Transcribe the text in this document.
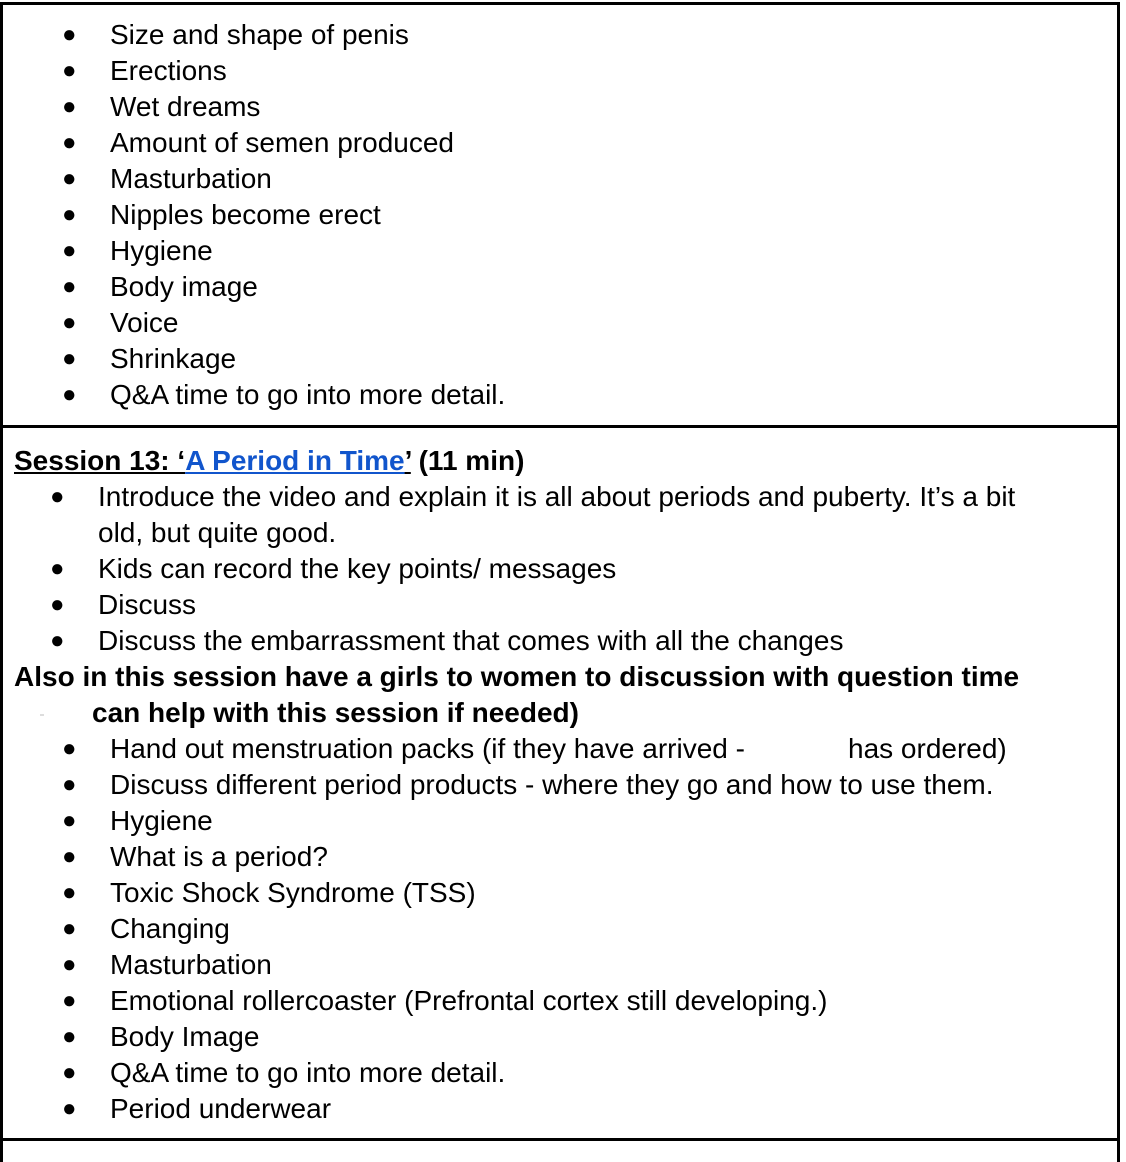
● Size and shape of penis
● Erections
● Wet dreams
● Amount of semen produced
● Masturbation
● Nipples become erect
● Hygiene
● Body image
● Voice
● Shrinkage
● Q&A time to go into more detail.
Session 13: ‘A Period in Time’ (11 min)
● Introduce the video and explain it is all about periods and puberty. It’s a bit
old, but quite good.
● Kids can record the key points/ messages
● Discuss
● Discuss the embarrassment that comes with all the changes
Also in this session have a girls to women to discussion with question time
can help with this session if needed)
● Hand out menstruation packs (if they have arrived -	has ordered)
● Discuss different period products - where they go and how to use them.
● Hygiene
● What is a period?
● Toxic Shock Syndrome (TSS)
● Changing
● Masturbation
● Emotional rollercoaster (Prefrontal cortex still developing.)
● Body Image
● Q&A time to go into more detail.
● Period underwear
